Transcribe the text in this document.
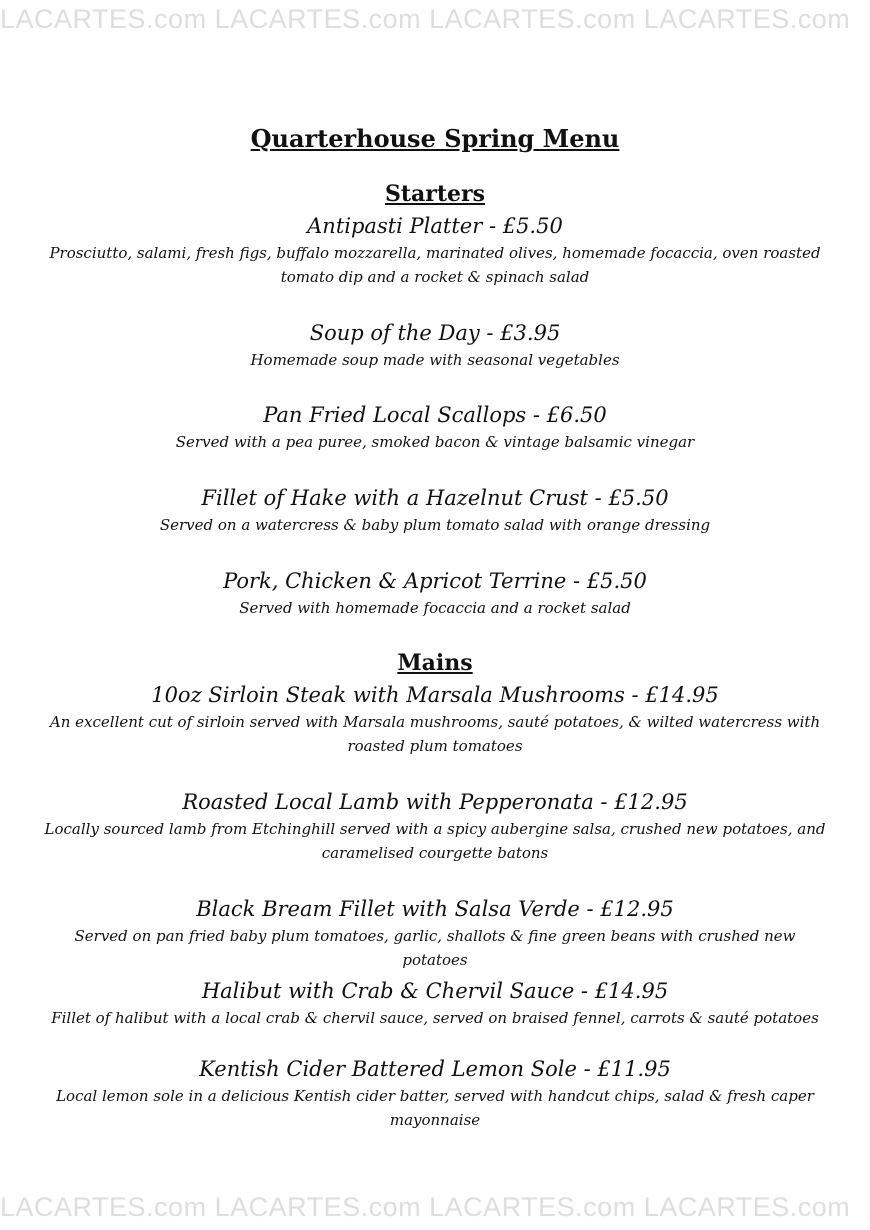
LACARTES.com LACARTES.com LACARTES.com LACARTES.com
Quarterhouse Spring Menu
Starters

Antipasti Platter - £5.50

Prosciutto, salami, fresh figs, buffalo mozzarella, marinated olives, homemade focaccia, oven roasted tomato dip and a rocket & spinach salad

Soup of the Day - £3.95

Homemade soup made with seasonal vegetables

Pan Fried Local Scallops - £6.50

Served with a pea puree, smoked bacon & vintage balsamic vinegar

Fillet of Hake with a Hazelnut Crust - £5.50

Served on a watercress & baby plum tomato salad with orange dressing

Pork, Chicken & Apricot Terrine - £5.50

Served with homemade focaccia and a rocket salad

Mains

10oz Sirloin Steak with Marsala Mushrooms - £14.95

An excellent cut of sirloin served with Marsala mushrooms, sauté potatoes, & wilted watercress with roasted plum tomatoes

Roasted Local Lamb with Pepperonata - £12.95

Locally sourced lamb from Etchinghill served with a spicy aubergine salsa, crushed new potatoes, and caramelised courgette batons

Black Bream Fillet with Salsa Verde - £12.95

Served on pan fried baby plum tomatoes, garlic, shallots & fine green beans with crushed new potatoes

Halibut with Crab & Chervil Sauce - £14.95

Fillet of halibut with a local crab & chervil sauce, served on braised fennel, carrots & sauté potatoes

Kentish Cider Battered Lemon Sole - £11.95

Local lemon sole in a delicious Kentish cider batter, served with handcut chips, salad & fresh caper mayonnaise

LACARTES.com LACARTES.com LACARTES.com LACARTES.com
